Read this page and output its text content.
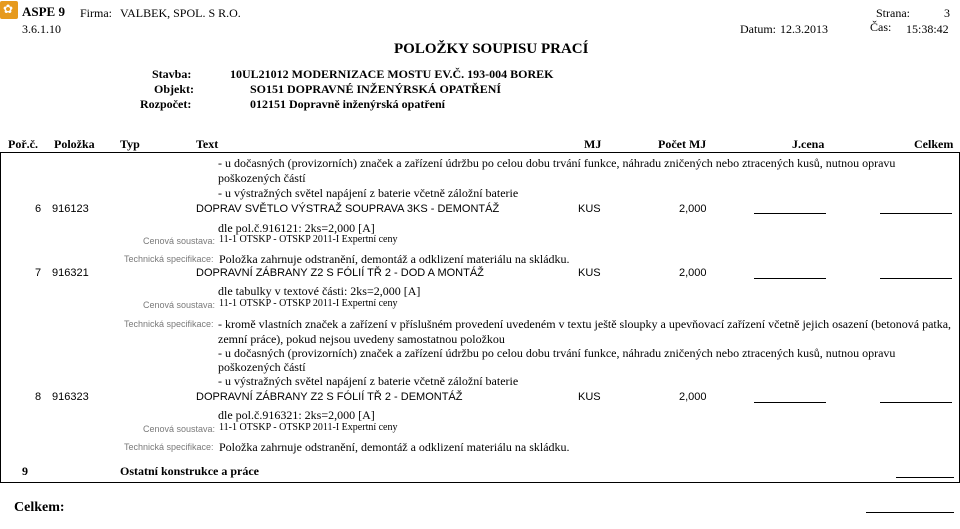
✿ ASPE 9 Firma: VALBEK, SPOL. S R.O.	Strana:	3
3.6.1.10	Datum: 12.3.2013	Čas: 15:38:42
POLOŽKY SOUPISU PRACÍ
Stavba:	10UL21012 MODERNIZACE MOSTU EV.Č. 193-004 BOREK
Objekt:	SO151 DOPRAVNÉ INŽENÝRSKÁ OPATŘENÍ
Rozpočet:	012151 Dopravně inženýrská opatření
Poř.č. Položka Typ	Text	MJ	Počet MJ	J.cena	Celkem
- u dočasných (provizorních) značek a zařízení údržbu po celou dobu trvání funkce, náhradu zničených nebo ztracených kusů, nutnou opravu
poškozených částí
- u výstražných světel napájení z baterie včetně záložní baterie
6 916123	DOPRAV SVĚTLO VÝSTRAŽ SOUPRAVA 3KS - DEMONTÁŽ	KUS	2,000
dle pol.č.916121: 2ks=2,000 [A]
Cenová soustava: 11-1 OTSKP - OTSKP 2011-I Expertní ceny
Technická specifikace: Položka zahrnuje odstranění, demontáž a odklizení materiálu na skládku.
7 916321	DOPRAVNÍ ZÁBRANY Z2 S FÓLIÍ TŘ 2 - DOD A MONTÁŽ	KUS	2,000
dle tabulky v textové části: 2ks=2,000 [A]
Cenová soustava: 11-1 OTSKP - OTSKP 2011-I Expertní ceny
Technická specifikace: - kromě vlastních značek a zařízení v příslušném provedení uvedeném v textu ještě sloupky a upevňovací zařízení včetně jejich osazení (betonová patka,
zemní práce), pokud nejsou uvedeny samostatnou položkou
- u dočasných (provizorních) značek a zařízení údržbu po celou dobu trvání funkce, náhradu zničených nebo ztracených kusů, nutnou opravu
poškozených částí
- u výstražných světel napájení z baterie včetně záložní baterie
8 916323	DOPRAVNÍ ZÁBRANY Z2 S FÓLIÍ TŘ 2 - DEMONTÁŽ	KUS	2,000
dle pol.č.916321: 2ks=2,000 [A]
Cenová soustava: 11-1 OTSKP - OTSKP 2011-I Expertní ceny
Technická specifikace: Položka zahrnuje odstranění, demontáž a odklizení materiálu na skládku.
9	Ostatní konstrukce a práce
Celkem:
